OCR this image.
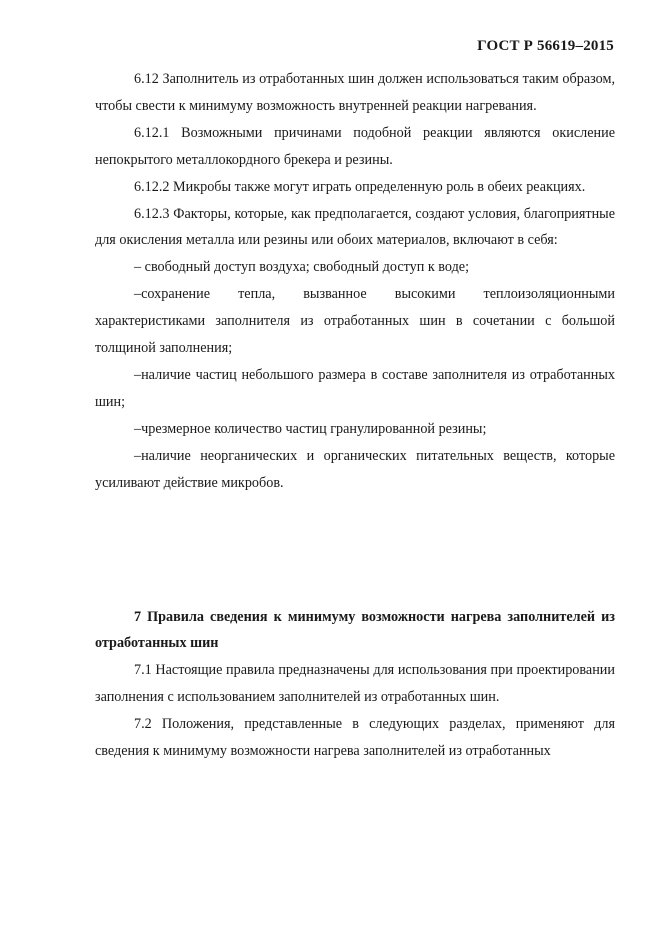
ГОСТ Р 56619–2015

6.12 Заполнитель из отработанных шин должен использоваться таким образом, чтобы свести к минимуму возможность внутренней реакции нагревания.

6.12.1 Возможными причинами подобной реакции являются окисление непокрытого металлокордного брекера и резины.

6.12.2 Микробы также могут играть определенную роль в обеих реакциях.

6.12.3 Факторы, которые, как предполагается, создают условия, благоприятные для окисления металла или резины или обоих материалов, включают в себя:

– свободный доступ воздуха; свободный доступ к воде;

–сохранение тепла, вызванное высокими теплоизоляционными характеристиками заполнителя из отработанных шин в сочетании с большой толщиной заполнения;

–наличие частиц небольшого размера в составе заполнителя из отработанных шин;

–чрезмерное количество частиц гранулированной резины;

–наличие неорганических и органических питательных веществ, которые усиливают действие микробов.

7 Правила сведения к минимуму возможности нагрева заполнителей из отработанных шин

7.1 Настоящие правила предназначены для использования при проектировании заполнения с использованием заполнителей из отработанных шин.

7.2 Положения, представленные в следующих разделах, применяют для сведения к минимуму возможности нагрева заполнителей из отработанных
